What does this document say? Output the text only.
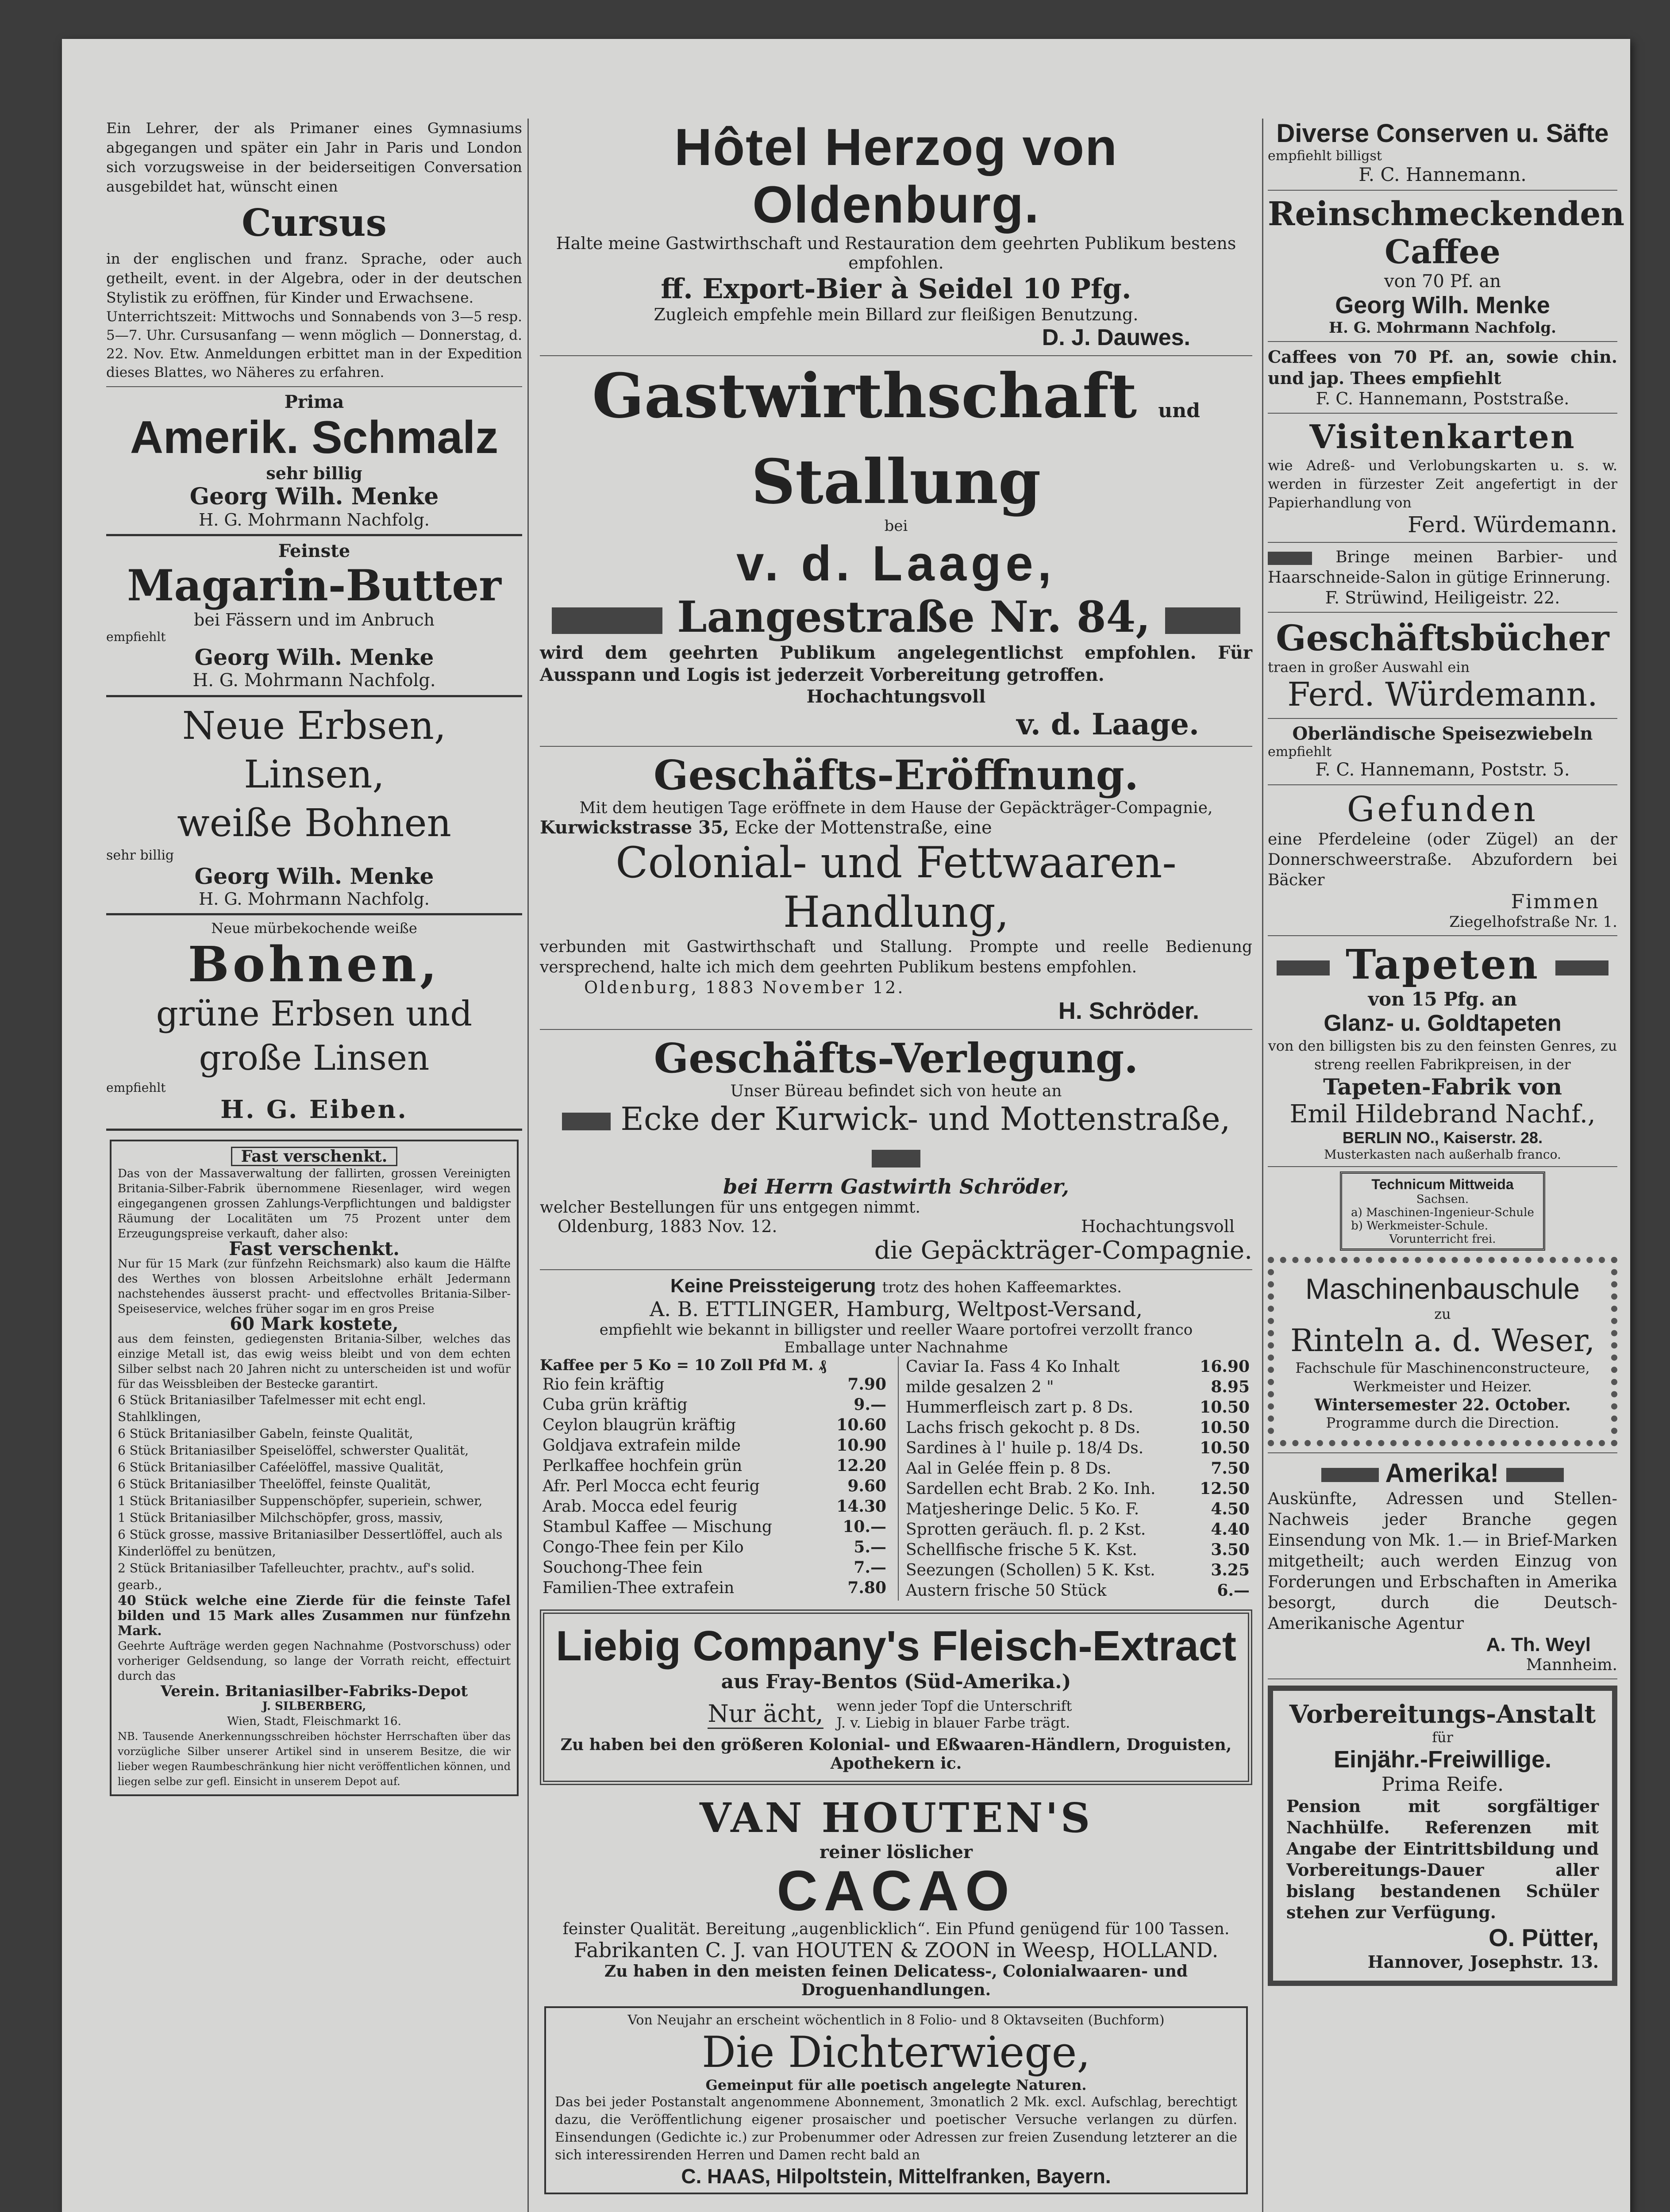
Ein Lehrer, der als Primaner eines Gymnasiums abgegangen und später ein Jahr in Paris und London sich vorzugsweise in der beiderseitigen Conversation ausgebildet hat, wünscht einen
Cursus
in der englischen und franz. Sprache, oder auch getheilt, event. in der Algebra, oder in der deutschen Stylistik zu eröffnen, für Kinder und Erwachsene.
Unterrichtszeit: Mittwochs und Sonnabends von 3—5 resp. 5—7. Uhr. Cursusanfang — wenn möglich — Donnerstag, d. 22. Nov. Etw. Anmeldungen erbittet man in der Expedition dieses Blattes, wo Näheres zu erfahren.
Prima
Amerik. Schmalz
sehr billig
Georg Wilh. Menke
H. G. Mohrmann Nachfolg.
Feinste
Magarin-Butter
bei Fässern und im Anbruch
empfiehlt
Georg Wilh. Menke
H. G. Mohrmann Nachfolg.
Neue Erbsen,
Linsen,
weiße Bohnen
sehr billig
Georg Wilh. Menke
H. G. Mohrmann Nachfolg.
Neue mürbekochende weiße
Bohnen,
grüne Erbsen und
große Linsen
empfiehlt
H. G. Eiben.
Fast verschenkt.
Das von der Massaverwaltung der fallirten, grossen Vereinigten Britania-Silber-Fabrik übernommene Riesenlager, wird wegen eingegangenen grossen Zahlungs-Verpflichtungen und baldigster Räumung der Localitäten um 75 Prozent unter dem Erzeugungspreise verkauft, daher also:
Fast verschenkt.
Nur für 15 Mark (zur fünfzehn Reichsmark) also kaum die Hälfte des Werthes von blossen Arbeitslohne erhält Jedermann nachstehendes äusserst pracht- und effectvolles Britania-Silber-Speiseservice, welches früher sogar im en gros Preise
60 Mark kostete,
aus dem feinsten, gediegensten Britania-Silber, welches das einzige Metall ist, das ewig weiss bleibt und von dem echten Silber selbst nach 20 Jahren nicht zu unterscheiden ist und wofür für das Weissbleiben der Bestecke garantirt.
6 Stück Britaniasilber Tafelmesser mit echt engl. Stahlklingen,
6 Stück Britaniasilber Gabeln, feinste Qualität,
6 Stück Britaniasilber Speiselöffel, schwerster Qualität,
6 Stück Britaniasilber Caféelöffel, massive Qualität,
6 Stück Britaniasilber Theelöffel, feinste Qualität,
1 Stück Britaniasilber Suppenschöpfer, superiein, schwer,
1 Stück Britaniasilber Milchschöpfer, gross, massiv,
6 Stück grosse, massive Britaniasilber Dessertlöffel, auch als Kinderlöffel zu benützen,
2 Stück Britaniasilber Tafelleuchter, prachtv., auf's solid. gearb.,
40 Stück welche eine Zierde für die feinste Tafel bilden und 15 Mark alles Zusammen nur fünfzehn Mark.
Geehrte Aufträge werden gegen Nachnahme (Postvorschuss) oder vorheriger Geldsendung, so lange der Vorrath reicht, effectuirt durch das
Verein. Britaniasilber-Fabriks-Depot
J. SILBERBERG,
Wien, Stadt, Fleischmarkt 16.
NB. Tausende Anerkennungsschreiben höchster Herrschaften über das vorzügliche Silber unserer Artikel sind in unserem Besitze, die wir lieber wegen Raumbeschränkung hier nicht veröffentlichen können, und liegen selbe zur gefl. Einsicht in unserem Depot auf.
Hôtel Herzog von Oldenburg.
Halte meine Gastwirthschaft und Restauration dem geehrten Publikum bestens empfohlen.
ff. Export-Bier à Seidel 10 Pfg.
Zugleich empfehle mein Billard zur fleißigen Benutzung.
D. J. Dauwes.
Gastwirthschaft und Stallung
bei
v. d. Laage,
Langestraße Nr. 84,
wird dem geehrten Publikum angelegentlichst empfohlen. Für Ausspann und Logis ist jederzeit Vorbereitung getroffen.
Hochachtungsvoll
v. d. Laage.
Geschäfts-Eröffnung.
Mit dem heutigen Tage eröffnete in dem Hause der Gepäckträger-Compagnie,
Kurwickstrasse 35, Ecke der Mottenstraße, eine
Colonial- und Fettwaaren-Handlung,
verbunden mit Gastwirthschaft und Stallung. Prompte und reelle Bedienung versprechend, halte ich mich dem geehrten Publikum bestens empfohlen.
Oldenburg, 1883 November 12.
H. Schröder.
Geschäfts-Verlegung.
Unser Büreau befindet sich von heute an
Ecke der Kurwick- und Mottenstraße,
bei Herrn Gastwirth Schröder,
welcher Bestellungen für uns entgegen nimmt.
Oldenburg, 1883 Nov. 12.	Hochachtungsvoll
die Gepäckträger-Compagnie.
Keine Preissteigerung trotz des hohen Kaffeemarktes.
A. B. ETTLINGER, Hamburg, Weltpost-Versand,
empfiehlt wie bekannt in billigster und reeller Waare portofrei verzollt franco Emballage unter Nachnahme
Kaffee per 5 Ko = 10 Zoll Pfd M. ₰
Rio fein kräftig	7.90
Cuba grün kräftig	9.—
Ceylon blaugrün kräftig	10.60
Goldjava extrafein milde	10.90
Perlkaffee hochfein grün	12.20
Afr. Perl Mocca echt feurig	9.60
Arab. Mocca edel feurig	14.30
Stambul Kaffee — Mischung	10.—
Congo-Thee fein per Kilo	5.—
Souchong-Thee fein	7.—
Familien-Thee extrafein	7.80
Caviar Ia. Fass 4 Ko Inhalt	16.90
milde gesalzen 2 "	8.95
Hummerfleisch zart p. 8 Ds.	10.50
Lachs frisch gekocht p. 8 Ds.	10.50
Sardines à l' huile p. 18/4 Ds.	10.50
Aal in Gelée ffein p. 8 Ds.	7.50
Sardellen echt Brab. 2 Ko. Inh.	12.50
Matjesheringe Delic. 5 Ko. F.	4.50
Sprotten geräuch. fl. p. 2 Kst.	4.40
Schellfische frische 5 K. Kst.	3.50
Seezungen (Schollen) 5 K. Kst.	3.25
Austern frische 50 Stück	6.—
Liebig Company's Fleisch-Extract
aus Fray-Bentos (Süd-Amerika.)
Nur ächt, wenn jeder Topf die Unterschrift J. v. Liebig in blauer Farbe trägt.
Zu haben bei den größeren Kolonial- und Eßwaaren-Händlern, Droguisten, Apothekern ic.
VAN HOUTEN'S
reiner löslicher
CACAO
feinster Qualität. Bereitung „augenblicklich“. Ein Pfund genügend für 100 Tassen.
Fabrikanten C. J. van HOUTEN & ZOON in Weesp, HOLLAND.
Zu haben in den meisten feinen Delicatess-, Colonialwaaren- und Droguenhandlungen.
Von Neujahr an erscheint wöchentlich in 8 Folio- und 8 Oktavseiten (Buchform)
Die Dichterwiege,
Gemeinput für alle poetisch angelegte Naturen.
Das bei jeder Postanstalt angenommene Abonnement, 3monatlich 2 Mk. excl. Aufschlag, berechtigt dazu, die Veröffentlichung eigener prosaischer und poetischer Versuche verlangen zu dürfen. Einsendungen (Gedichte ic.) zur Probenummer oder Adressen zur freien Zusendung letzterer an die sich interessirenden Herren und Damen recht bald an
C. HAAS, Hilpoltstein, Mittelfranken, Bayern.
Diverse Conserven u. Säfte
empfiehlt billigst
F. C. Hannemann.
Reinschmeckenden Caffee
von 70 Pf. an
Georg Wilh. Menke
H. G. Mohrmann Nachfolg.
Caffees von 70 Pf. an, sowie chin. und jap. Thees empfiehlt
F. C. Hannemann, Poststraße.
Visitenkarten
wie Adreß- und Verlobungskarten u. s. w. werden in fürzester Zeit angefertigt in der Papierhandlung von
Ferd. Würdemann.
Bringe meinen Barbier- und Haarschneide-Salon in gütige Erinnerung.
F. Strüwind, Heiligeistr. 22.
Geschäftsbücher
traen in großer Auswahl ein
Ferd. Würdemann.
Oberländische Speisezwiebeln
empfiehlt
F. C. Hannemann, Poststr. 5.
Gefunden
eine Pferdeleine (oder Zügel) an der Donnerschweerstraße. Abzufordern bei Bäcker
Fimmen
Ziegelhofstraße Nr. 1.
Tapeten
von 15 Pfg. an
Glanz- u. Goldtapeten
von den billigsten bis zu den feinsten Genres, zu streng reellen Fabrikpreisen, in der
Tapeten-Fabrik von
Emil Hildebrand Nachf.,
BERLIN NO., Kaiserstr. 28.
Musterkasten nach außerhalb franco.
Technicum Mittweida
Sachsen.
a) Maschinen-Ingenieur-Schule
b) Werkmeister-Schule.
Vorunterricht frei.
Maschinenbauschule
zu
Rinteln a. d. Weser,
Fachschule für Maschinenconstructeure, Werkmeister und Heizer.
Wintersemester 22. October.
Programme durch die Direction.
Amerika!
Auskünfte, Adressen und Stellen-Nachweis jeder Branche gegen Einsendung von Mk. 1.— in Brief-Marken mitgetheilt; auch werden Einzug von Forderungen und Erbschaften in Amerika besorgt, durch die Deutsch-Amerikanische Agentur
A. Th. Weyl
Mannheim.
Vorbereitungs-Anstalt
für
Einjähr.-Freiwillige.
Prima Reife.
Pension mit sorgfältiger Nachhülfe. Referenzen mit Angabe der Eintrittsbildung und Vorbereitungs-Dauer aller bislang bestandenen Schüler stehen zur Verfügung.
O. Pütter,
Hannover, Josephstr. 13.
